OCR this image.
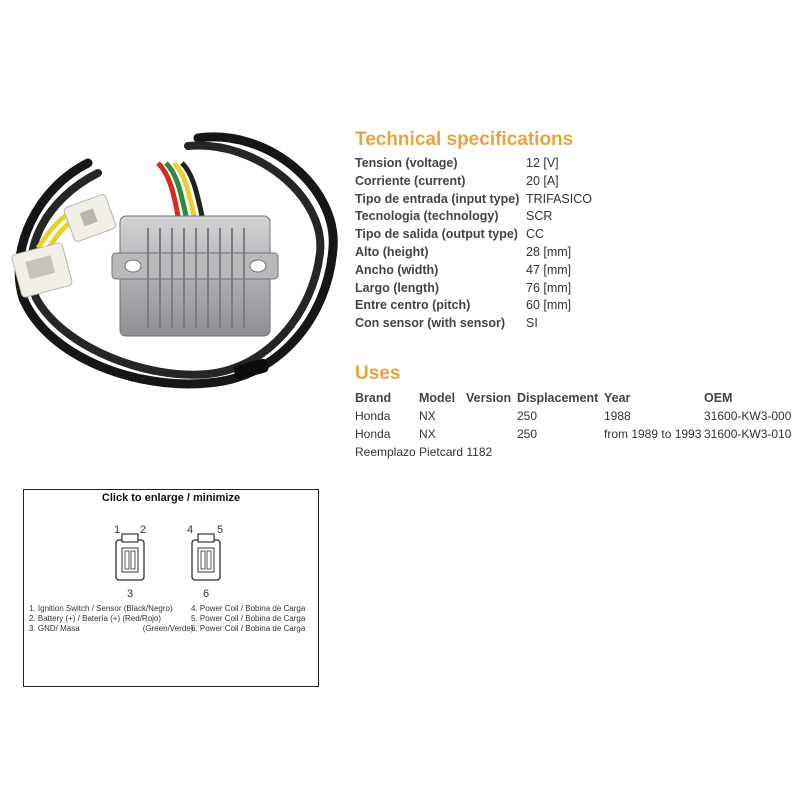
Technical specifications
Tension (voltage)	12 [V]
Corriente (current)	20 [A]
Tipo de entrada (input type) TRIFASICO
Tecnologia (technology)	SCR
Tipo de salida (output type) CC
Alto (height)	28 [mm]
Ancho (width)	47 [mm]
Largo (length)	76 [mm]
Entre centro (pitch)	60 [mm]
Con sensor (with sensor)	SI
Uses
Brand	Model	Version	Displacement	Year	OEM
Honda	NX		250	1988	31600-KW3-000
Honda	NX		250	from 1989 to 1993	31600-KW3-010
Reemplazo Pietcard 1182
1 2
3
4 5
6
Click to enlarge / minimize
1. Ignition Switch / Sensor (Black/Negro)	4. Power Coil / Bobina de Carga
2. Battery (+) / Batería (+) (Red/Rojo)	5. Power Coil / Bobina de Carga
3. GND/ Masa	(Green/Verde)
6. Power Coil / Bobina de Carga
